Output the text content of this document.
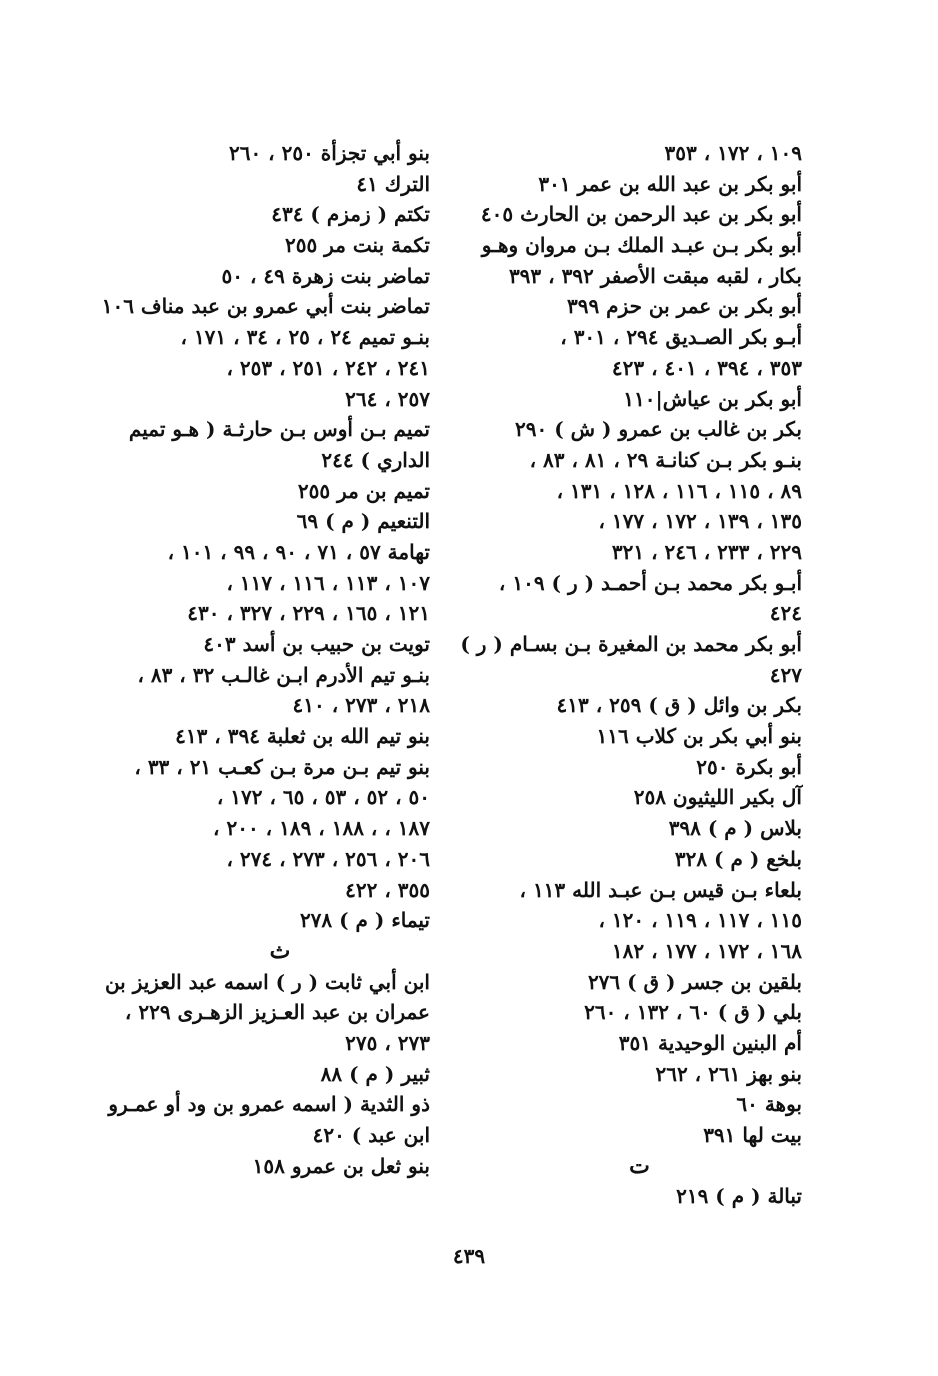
١٠٩ ، ١٧٢ ، ٣٥٣
أبو بكر بن عبد الله بن عمر ٣٠١
أبو بكر بن عبد الرحمن بن الحارث ٤٠٥
أبو بكر بـن عبـد الملك بـن مروان وهـو
بكار ، لقبه مبقت الأصفر ٣٩٢ ، ٣٩٣
أبو بكر بن عمر بن حزم ٣٩٩
أبـو بكر الصـديق ٢٩٤ ، ٣٠١ ،
٣٥٣ ، ٣٩٤ ، ٤٠١ ، ٤٢٣
أبو بكر بن عياش|١١٠
بكر بن غالب بن عمرو ( ش ) ٢٩٠
بنـو بكر بـن كنانـة ٢٩ ، ٨١ ، ٨٣ ،
٨٩ ، ١١٥ ، ١١٦ ، ١٢٨ ، ١٣١ ،
١٣٥ ، ١٣٩ ، ١٧٢ ، ١٧٧ ،
٢٢٩ ، ٢٣٣ ، ٢٤٦ ، ٣٢١
أبـو بكر محمد بـن أحمـد ( ر ) ١٠٩ ،
٤٢٤
أبو بكر محمد بن المغيرة بـن بسـام ( ر )
٤٢٧
بكر بن وائل ( ق ) ٢٥٩ ، ٤١٣
بنو أبي بكر بن كلاب ١١٦
أبو بكرة ٢٥٠
آل بكير الليثيون ٢٥٨
بلاس ( م ) ٣٩٨
بلخع ( م ) ٣٢٨
بلعاء بـن قيس بـن عبـد الله ١١٣ ،
١١٥ ، ١١٧ ، ١١٩ ، ١٢٠ ،
١٦٨ ، ١٧٢ ، ١٧٧ ، ١٨٢
بلقين بن جسر ( ق ) ٢٧٦
بلي ( ق ) ٦٠ ، ١٣٢ ، ٢٦٠
أم البنين الوحيدية ٣٥١
بنو بهز ٢٦١ ، ٢٦٢
بوهة ٦٠
بيت لها ٣٩١
ت
تبالة ( م ) ٢١٩
بنو أبي تجزأة ٢٥٠ ، ٢٦٠
الترك ٤١
تكتم ( زمزم ) ٤٣٤
تكمة بنت مر ٢٥٥
تماضر بنت زهرة ٤٩ ، ٥٠
تماضر بنت أبي عمرو بن عبد مناف ١٠٦
بنـو تميم ٢٤ ، ٢٥ ، ٣٤ ، ١٧١ ،
٢٤١ ، ٢٤٢ ، ٢٥١ ، ٢٥٣ ،
٢٥٧ ، ٢٦٤
تميم بـن أوس بـن حارثـة ( هـو تميم
الداري ) ٢٤٤
تميم بن مر ٢٥٥
التنعيم ( م ) ٦٩
تهامة ٥٧ ، ٧١ ، ٩٠ ، ٩٩ ، ١٠١ ،
١٠٧ ، ١١٣ ، ١١٦ ، ١١٧ ،
١٢١ ، ١٦٥ ، ٢٢٩ ، ٣٢٧ ، ٤٣٠
تويت بن حبيب بن أسد ٤٠٣
بنـو تيم الأدرم ابـن غالـب ٣٢ ، ٨٣ ،
٢١٨ ، ٢٧٣ ، ٤١٠
بنو تيم الله بن ثعلبة ٣٩٤ ، ٤١٣
بنو تيم بـن مرة بـن كعـب ٢١ ، ٣٣ ،
٥٠ ، ٥٢ ، ٥٣ ، ٦٥ ، ١٧٢ ،
١٨٧ ، ، ١٨٨ ، ١٨٩ ، ٢٠٠ ،
٢٠٦ ، ٢٥٦ ، ٢٧٣ ، ٢٧٤ ،
٣٥٥ ، ٤٢٢
تيماء ( م ) ٢٧٨
ث
ابن أبي ثابت ( ر ) اسمه عبد العزيز بن
عمران بن عبد العـزيز الزهـرى ٢٢٩ ،
٢٧٣ ، ٢٧٥
ثبير ( م ) ٨٨
ذو الثدية ( اسمه عمرو بن ود أو عمـرو
ابن عبد ) ٤٢٠
بنو ثعل بن عمرو ١٥٨
٤٣٩
